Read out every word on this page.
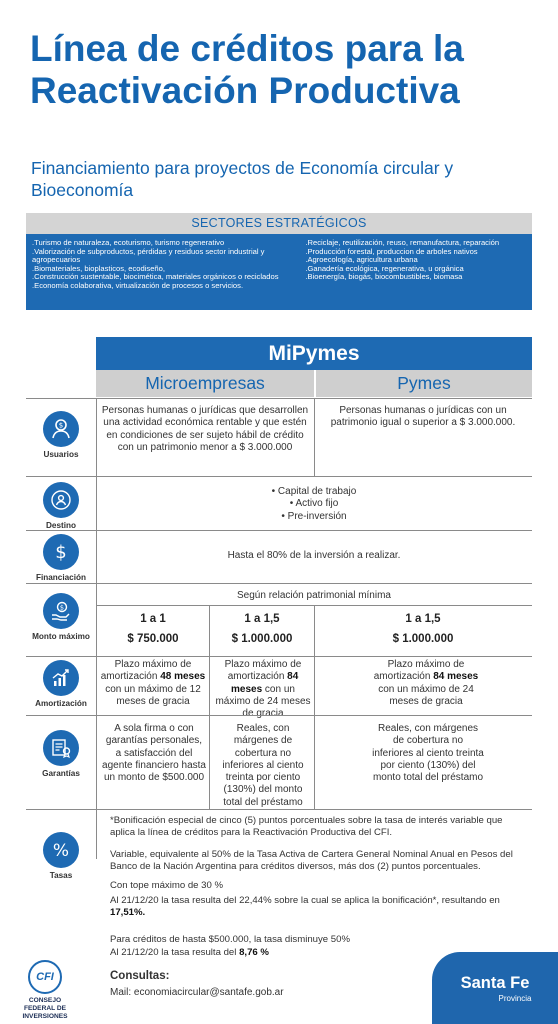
Línea de créditos para la Reactivación Productiva
Financiamiento para proyectos de Economía circular y Bioeconomía
SECTORES ESTRATÉGICOS
. Turismo de naturaleza, ecoturismo, turismo regenerativo
. Valorización de subproductos, pérdidas y residuos sector industrial y agropecuarios
. Biomateriales, bioplasticos, ecodiseño,
. Construcción sustentable, biocimética, materiales orgánicos o reciclados
. Economía colaborativa, virtualización de procesos o servicios.
. Reciclaje, reutilización, reuso, remanufactura, reparación
. Producción forestal, produccion de arboles nativos
. Agroecología, agricultura urbana
. Ganadería ecológica, regenerativa, u orgánica
. Bioenergía, biogás, biocombustibles, biomasa
MiPymes
Microempresas	Pymes
$
Usuarios
Personas humanas o jurídicas que desarrollen una actividad económica rentable y que estén en condiciones de ser sujeto hábil de crédito con un patrimonio menor a $ 3.000.000
Personas humanas o jurídicas con un patrimonio igual o superior a $ 3.000.000.
Destino
• Capital de trabajo
• Activo fijo
• Pre-inversión
$
Financiación
Hasta el 80% de la inversión a realizar.
$
Monto máximo
Según relación patrimonial mínima
1 a 1
$ 750.000
1 a 1,5
$ 1.000.000
1 a 1,5
$ 1.000.000
Amortización
Plazo máximo de amortización 48 meses con un máximo de 12 meses de gracia
Plazo máximo de amortización 84 meses con un máximo de 24 meses de gracia
Plazo máximo de amortización 84 meses con un máximo de 24 meses de gracia
Garantías
A sola firma o con garantías personales, a satisfacción del agente financiero hasta un monto de $500.000
Reales, con márgenes de cobertura no inferiores al ciento treinta por ciento (130%) del monto total del préstamo
Reales, con márgenes de cobertura no inferiores al ciento treinta por ciento (130%) del monto total del préstamo
%
Tasas
*Bonificación especial de cinco (5) puntos porcentuales sobre la tasa de interés variable que aplica la línea de créditos para la Reactivación Productiva del CFI.
Variable, equivalente al 50% de la Tasa Activa de Cartera General Nominal Anual en Pesos del Banco de la Nación Argentina para créditos diversos, más dos (2) puntos porcentuales.
Con tope máximo de 30 %
Al 21/12/20 la tasa resulta del 22,44% sobre la cual se aplica la bonificación*, resultando en 17,51%.
Para créditos de hasta $500.000, la tasa disminuye 50%
Al 21/12/20 la tasa resulta del 8,76 %
CFI
CONSEJO FEDERAL DE INVERSIONES
Consultas:
Mail: economiacircular@santafe.gob.ar
Santa Fe
Provincia
